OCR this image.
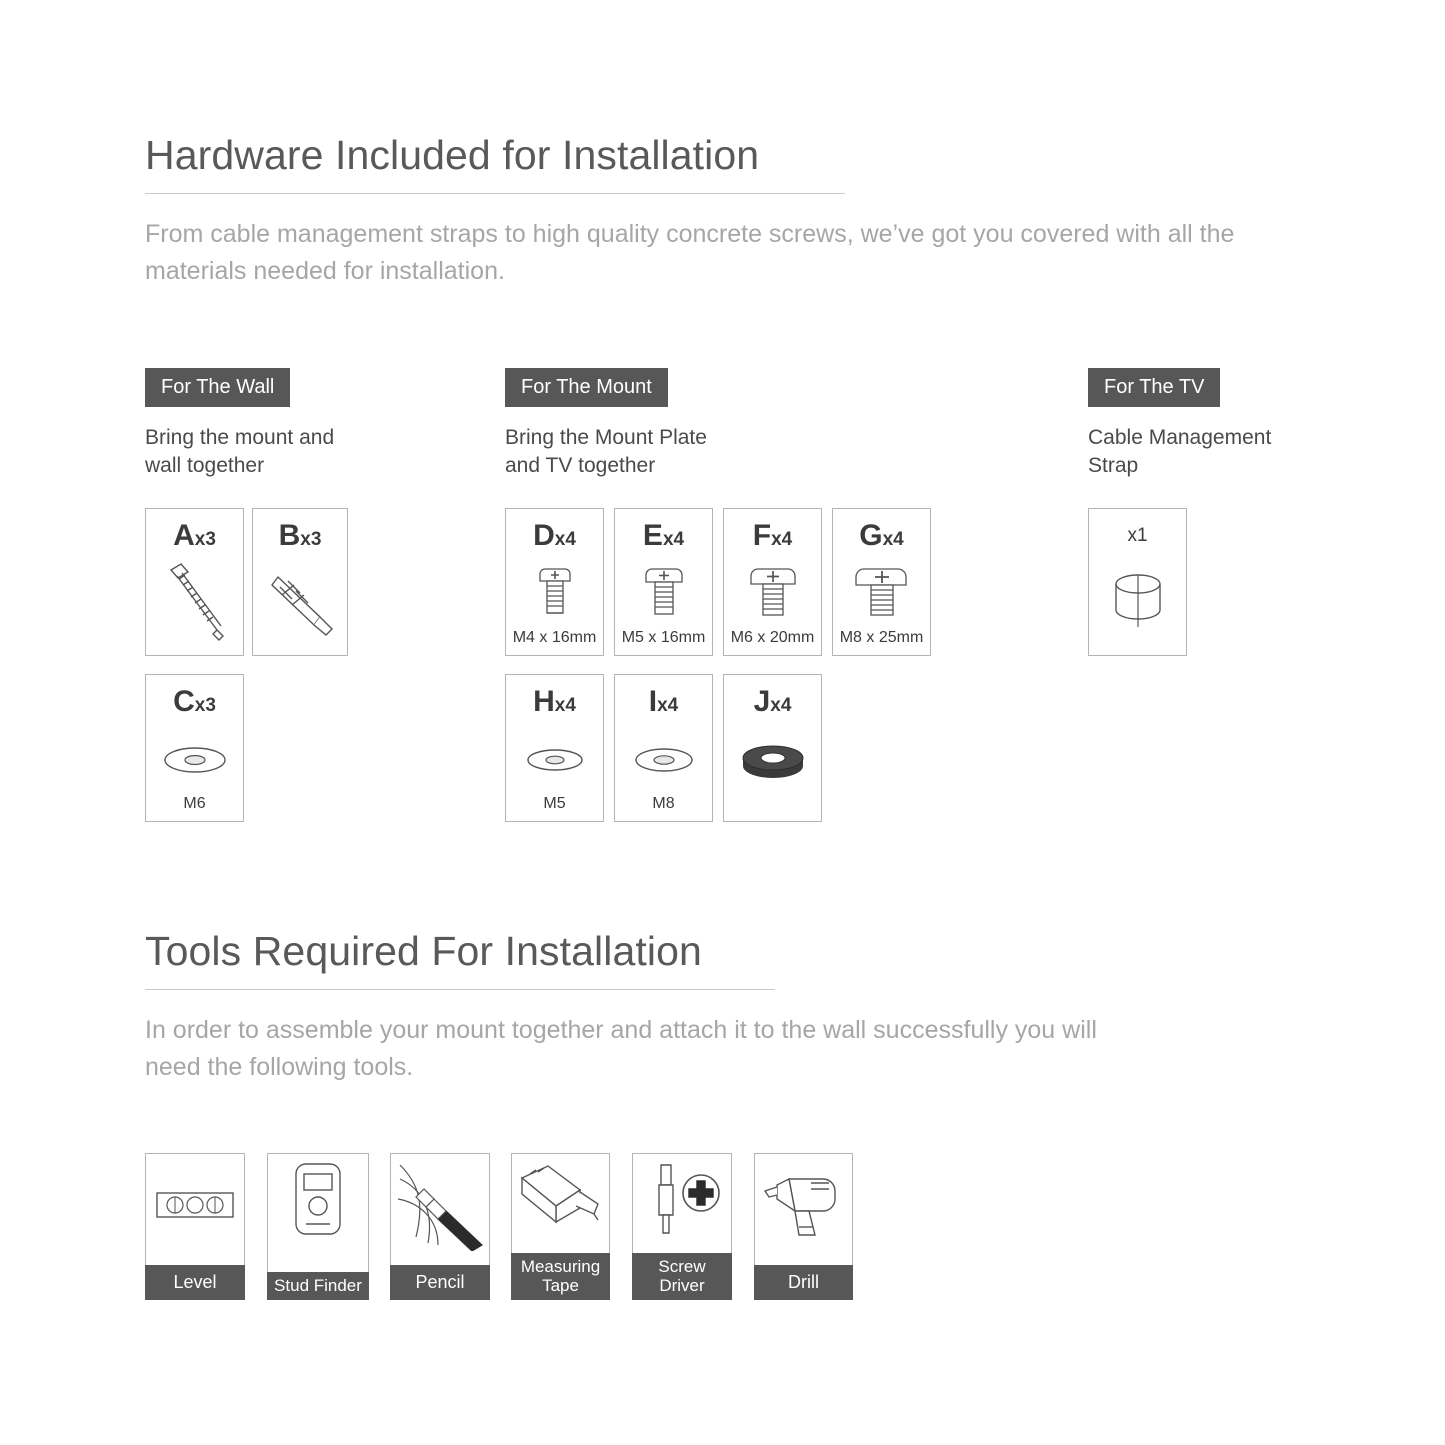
Hardware Included for Installation
From cable management straps to high quality concrete screws, we’ve got you covered with all the materials needed for installation.
For The Wall
Bring the mount and wall together
Ax3	Bx3
Cx3
M6
For The Mount
Bring the Mount Plate and TV together
Dx4
M4 x 16mm
Ex4
M5 x 16mm
Fx4
M6 x 20mm
Gx4
M8 x 25mm
Hx4
M5
Ix4
M8
Jx4
For The TV
Cable Management Strap
x1
Tools Required For Installation
In order to assemble your mount together and attach it to the wall successfully you will need the following tools.
Level	Stud Finder	Pencil
Measuring Tape
Screw Driver	Drill
